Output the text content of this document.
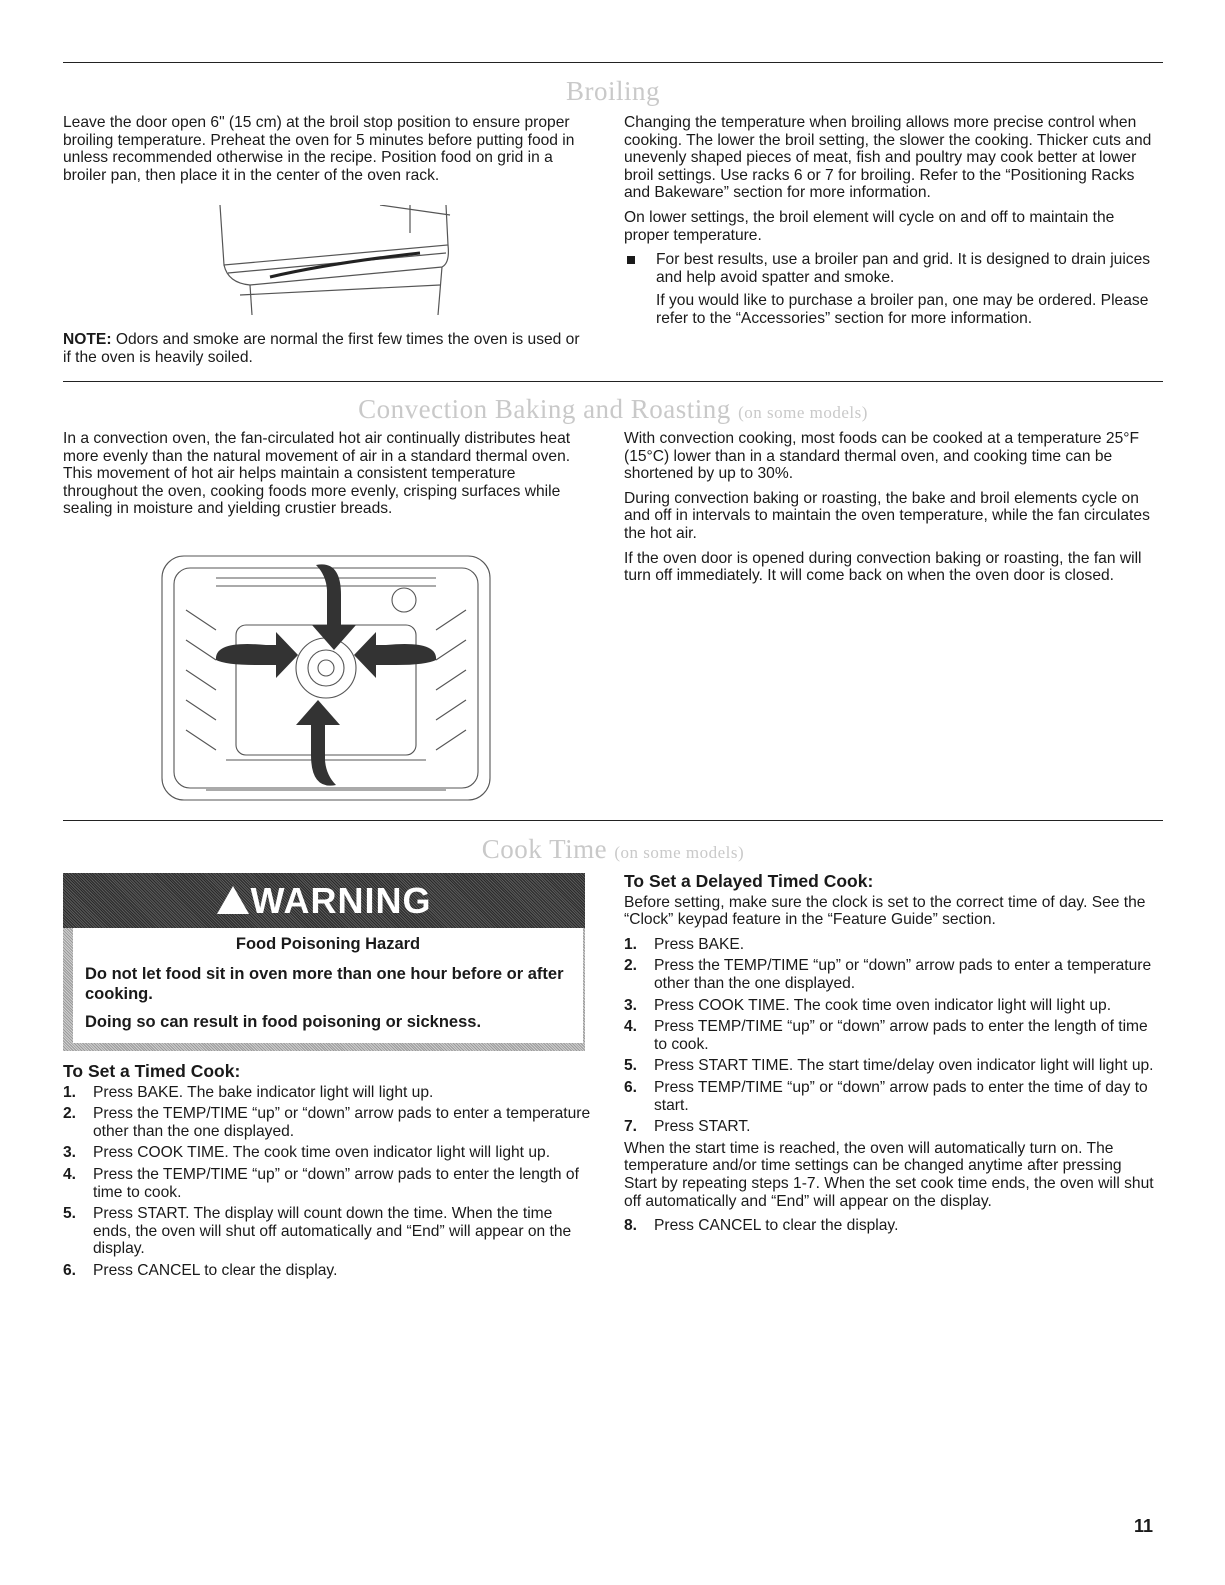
Broiling

Leave the door open 6" (15 cm) at the broil stop position to ensure proper broiling temperature. Preheat the oven for 5 minutes before putting food in unless recommended otherwise in the recipe. Position food on grid in a broiler pan, then place it in the center of the oven rack.

NOTE: Odors and smoke are normal the first few times the oven is used or if the oven is heavily soiled.

Changing the temperature when broiling allows more precise control when cooking. The lower the broil setting, the slower the cooking. Thicker cuts and unevenly shaped pieces of meat, fish and poultry may cook better at lower broil settings. Use racks 6 or 7 for broiling. Refer to the “Positioning Racks and Bakeware” section for more information.

On lower settings, the broil element will cycle on and off to maintain the proper temperature.

For best results, use a broiler pan and grid. It is designed to drain juices and help avoid spatter and smoke.

If you would like to purchase a broiler pan, one may be ordered. Please refer to the “Accessories” section for more information.

Convection Baking and Roasting (on some models)

In a convection oven, the fan-circulated hot air continually distributes heat more evenly than the natural movement of air in a standard thermal oven. This movement of hot air helps maintain a consistent temperature throughout the oven, cooking foods more evenly, crisping surfaces while sealing in moisture and yielding crustier breads.

With convection cooking, most foods can be cooked at a temperature 25°F (15°C) lower than in a standard thermal oven, and cooking time can be shortened by up to 30%.

During convection baking or roasting, the bake and broil elements cycle on and off in intervals to maintain the oven temperature, while the fan circulates the hot air.

If the oven door is opened during convection baking or roasting, the fan will turn off immediately. It will come back on when the oven door is closed.

Cook Time (on some models)
WARNING
Food Poisoning Hazard
Do not let food sit in oven more than one hour before or after cooking.
Doing so can result in food poisoning or sickness.
To Set a Timed Cook:
1. Press BAKE. The bake indicator light will light up.
2. Press the TEMP/TIME “up” or “down” arrow pads to enter a temperature other than the one displayed.
3. Press COOK TIME. The cook time oven indicator light will light up.
4. Press the TEMP/TIME “up” or “down” arrow pads to enter the length of time to cook.
5. Press START. The display will count down the time. When the time ends, the oven will shut off automatically and “End” will appear on the display.
6. Press CANCEL to clear the display.
To Set a Delayed Timed Cook:

Before setting, make sure the clock is set to the correct time of day. See the “Clock” keypad feature in the “Feature Guide” section.

1. Press BAKE.
2. Press the TEMP/TIME “up” or “down” arrow pads to enter a temperature other than the one displayed.
3. Press COOK TIME. The cook time oven indicator light will light up.
4. Press TEMP/TIME “up” or “down” arrow pads to enter the length of time to cook.
5. Press START TIME. The start time/delay oven indicator light will light up.
6. Press TEMP/TIME “up” or “down” arrow pads to enter the time of day to start.
7. Press START.

When the start time is reached, the oven will automatically turn on. The temperature and/or time settings can be changed anytime after pressing Start by repeating steps 1-7. When the set cook time ends, the oven will shut off automatically and “End” will appear on the display.

8. Press CANCEL to clear the display.
11
